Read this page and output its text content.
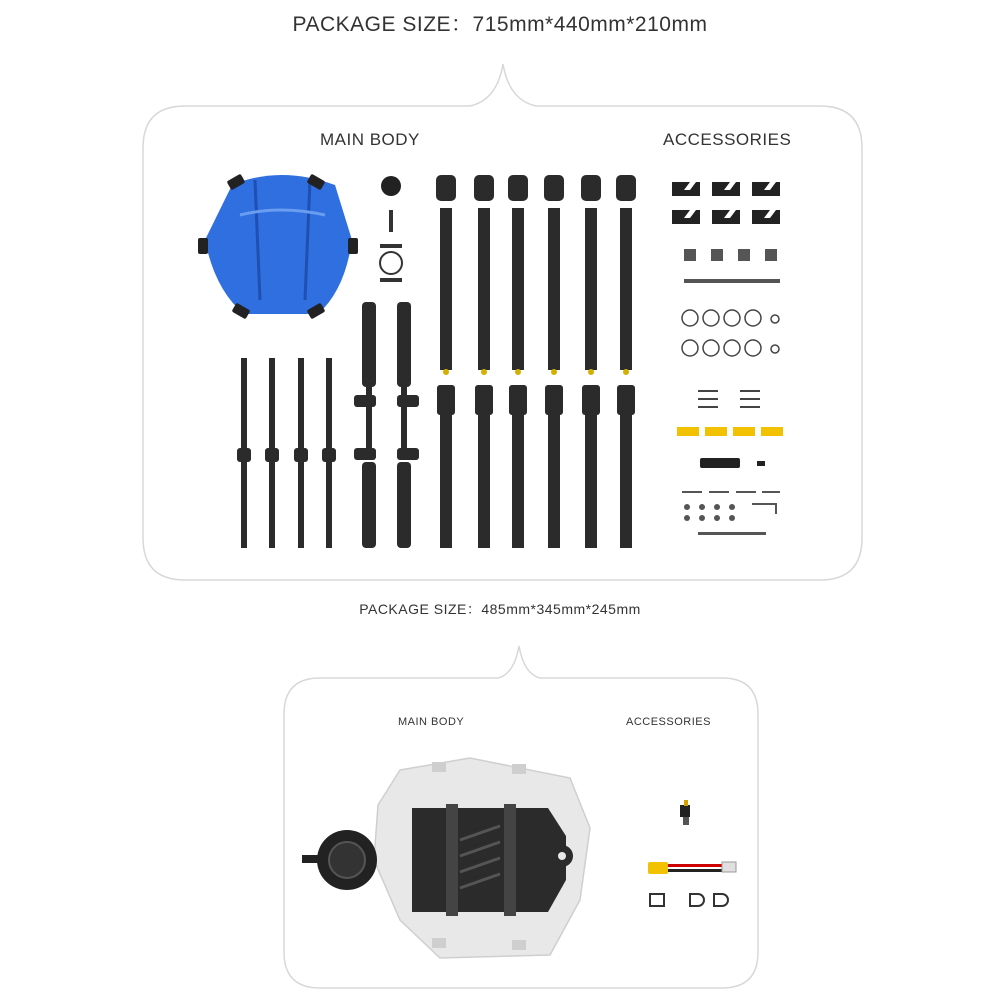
PACKAGE SIZE：715mm*440mm*210mm
PACKAGE SIZE：485mm*345mm*245mm
MAIN BODY	ACCESSORIES
MAIN BODY	ACCESSORIES
